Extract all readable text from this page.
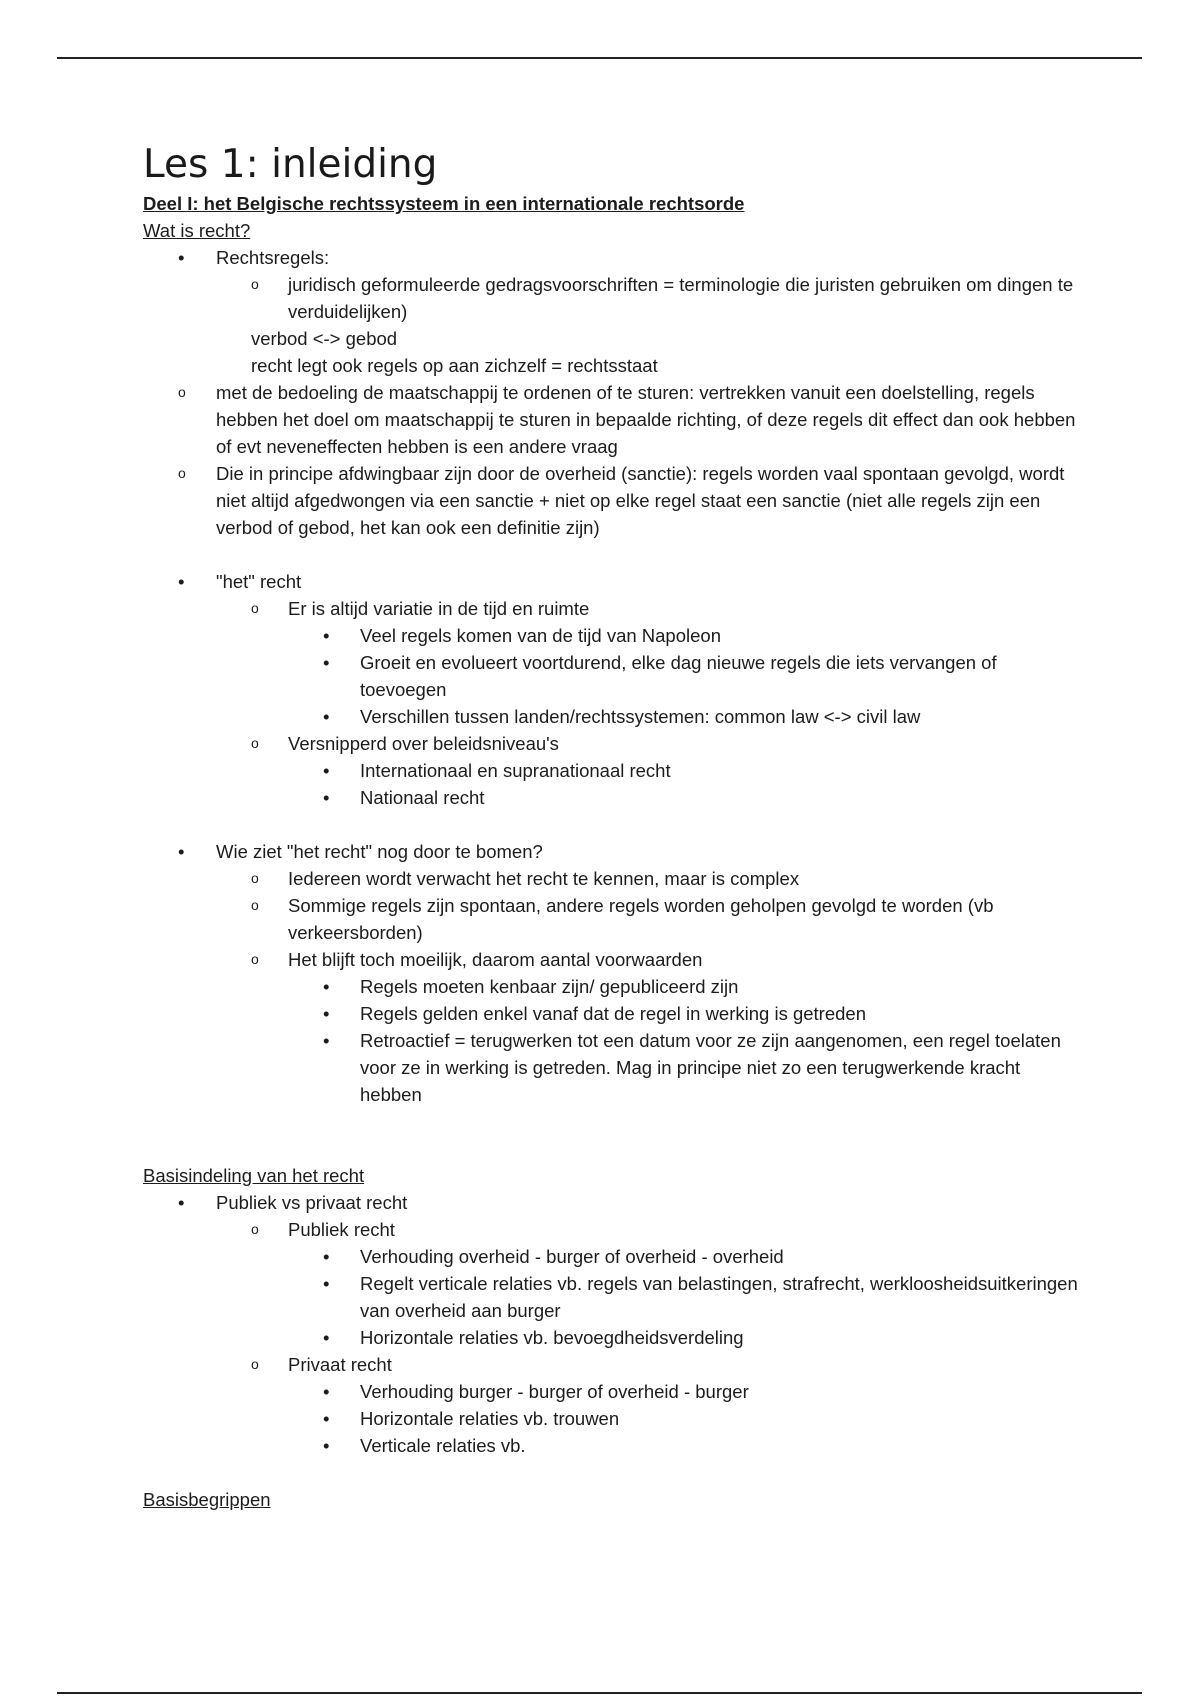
Les 1: inleiding

Deel I: het Belgische rechtssysteem in een internationale rechtsorde

Wat is recht?

• Rechtsregels:
o juridisch geformuleerde gedragsvoorschriften = terminologie die juristen gebruiken om dingen te verduidelijken)
verbod <-> gebod
recht legt ook regels op aan zichzelf = rechtsstaat
o met de bedoeling de maatschappij te ordenen of te sturen: vertrekken vanuit een doelstelling, regels hebben het doel om maatschappij te sturen in bepaalde richting, of deze regels dit effect dan ook hebben of evt neveneffecten hebben is een andere vraag
o Die in principe afdwingbaar zijn door de overheid (sanctie): regels worden vaal spontaan gevolgd, wordt niet altijd afgedwongen via een sanctie + niet op elke regel staat een sanctie (niet alle regels zijn een verbod of gebod, het kan ook een definitie zijn)
• "het" recht
o Er is altijd variatie in de tijd en ruimte
• Veel regels komen van de tijd van Napoleon
• Groeit en evolueert voortdurend, elke dag nieuwe regels die iets vervangen of toevoegen
• Verschillen tussen landen/rechtssystemen: common law <-> civil law
o Versnipperd over beleidsniveau's
• Internationaal en supranationaal recht
• Nationaal recht
• Wie ziet "het recht" nog door te bomen?
o Iedereen wordt verwacht het recht te kennen, maar is complex
o Sommige regels zijn spontaan, andere regels worden geholpen gevolgd te worden (vb verkeersborden)
o Het blijft toch moeilijk, daarom aantal voorwaarden
• Regels moeten kenbaar zijn/ gepubliceerd zijn
• Regels gelden enkel vanaf dat de regel in werking is getreden
• Retroactief = terugwerken tot een datum voor ze zijn aangenomen, een regel toelaten voor ze in werking is getreden. Mag in principe niet zo een terugwerkende kracht hebben

Basisindeling van het recht

• Publiek vs privaat recht
o Publiek recht
• Verhouding overheid - burger of overheid - overheid
• Regelt verticale relaties vb. regels van belastingen, strafrecht, werkloosheidsuitkeringen van overheid aan burger
• Horizontale relaties vb. bevoegdheidsverdeling
o Privaat recht
• Verhouding burger - burger of overheid - burger
• Horizontale relaties vb. trouwen
• Verticale relaties vb.

Basisbegrippen
